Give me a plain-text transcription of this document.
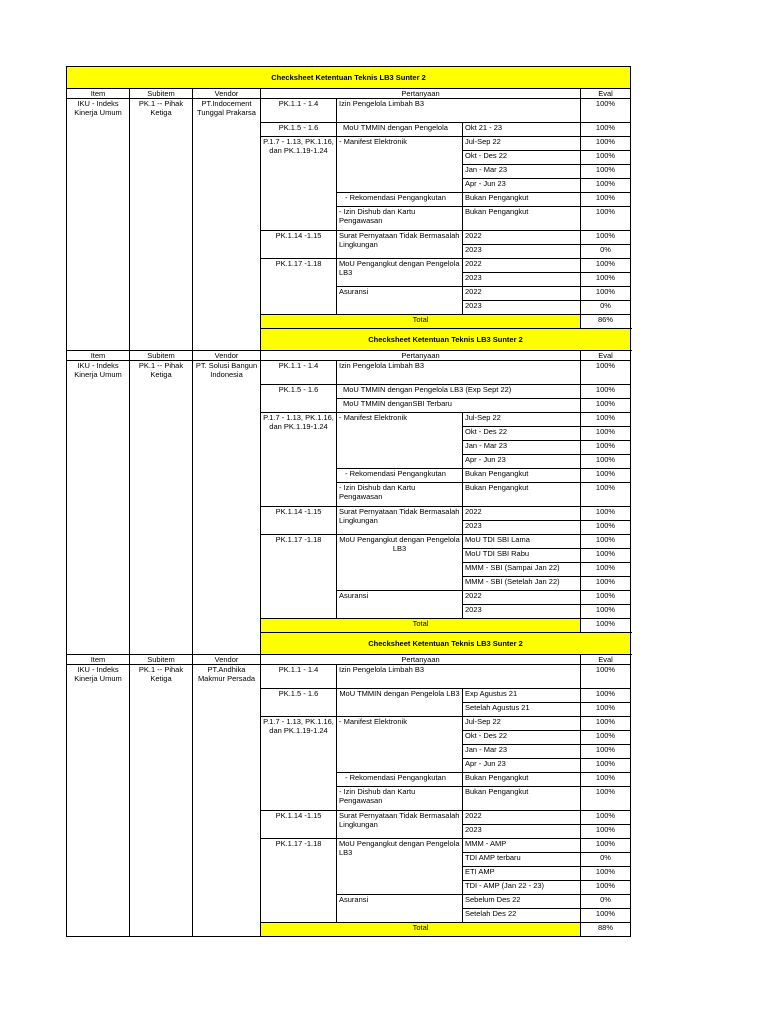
Checksheet Ketentuan Teknis LB3 Sunter 2						
Item	Subitem	Vendor	Pertanyaan			Eval
IKU - Indeks Kinerja Umum	PK.1 -- Pihak Ketiga	PT.Indocement Tunggal Prakarsa	PK.1.1 - 1.4	Izin Pengelola Limbah B3		100%
			PK.1.5 - 1.6	MoU TMMIN dengan Pengelola	Okt 21 - 23	100%
			P.1.7 - 1.13, PK.1.16, dan PK.1.19-1.24	- Manifest Elektronik	Jul-Sep 22	100%
					Okt - Des 22	100%
					Jan - Mar 23	100%
					Apr - Jun 23	100%
				- Rekomendasi Pengangkutan	Bukan Pengangkut	100%
				- Izin Dishub dan Kartu Pengawasan	Bukan Pengangkut	100%
			PK.1.14 -1.15	Surat Pernyataan Tidak Bermasalah Lingkungan	2022	100%
					2023	0%
			PK.1.17 -1.18	MoU Pengangkut dengan Pengelola LB3	2022	100%
					2023	100%
				Asuransi	2022	100%
					2023	0%
			Total			86%
			Checksheet Ketentuan Teknis LB3 Sunter 2			
Item	Subitem	Vendor	Pertanyaan			Eval
IKU - Indeks Kinerja Umum	PK.1 -- Pihak Ketiga	PT. Solusi Bangun Indonesia	PK.1.1 - 1.4	Izin Pengelola Limbah B3		100%
			PK.1.5 - 1.6	MoU TMMIN dengan Pengelola LB3 (Exp Sept 22)		100%
				MoU TMMIN denganSBI Terbaru		100%
			P.1.7 - 1.13, PK.1.16, dan PK.1.19-1.24	- Manifest Elektronik	Jul-Sep 22	100%
					Okt - Des 22	100%
					Jan - Mar 23	100%
					Apr - Jun 23	100%
				- Rekomendasi Pengangkutan	Bukan Pengangkut	100%
				- Izin Dishub dan Kartu Pengawasan	Bukan Pengangkut	100%
			PK.1.14 -1.15	Surat Pernyataan Tidak Bermasalah Lingkungan	2022	100%
					2023	100%
			PK.1.17 -1.18	MoU Pengangkut dengan Pengelola LB3	MoU TDI SBI Lama	100%
					MoU TDI SBI Rabu	100%
					MMM - SBI (Sampai Jan 22)	100%
					MMM - SBI (Setelah Jan 22)	100%
				Asuransi	2022	100%
					2023	100%
			Total			100%
			Checksheet Ketentuan Teknis LB3 Sunter 2			
Item	Subitem	Vendor	Pertanyaan			Eval
IKU - Indeks Kinerja Umum	PK.1 -- Pihak Ketiga	PT.Andhika Makmur Persada	PK.1.1 - 1.4	Izin Pengelola Limbah B3		100%
			PK.1.5 - 1.6	MoU TMMIN dengan Pengelola LB3	Exp Agustus 21	100%
					Setelah Agustus 21	100%
			P.1.7 - 1.13, PK.1.16, dan PK.1.19-1.24	- Manifest Elektronik	Jul-Sep 22	100%
					Okt - Des 22	100%
					Jan - Mar 23	100%
					Apr - Jun 23	100%
				- Rekomendasi Pengangkutan	Bukan Pengangkut	100%
				- Izin Dishub dan Kartu Pengawasan	Bukan Pengangkut	100%
			PK.1.14 -1.15	Surat Pernyataan Tidak Bermasalah Lingkungan	2022	100%
					2023	100%
			PK.1.17 -1.18	MoU Pengangkut dengan Pengelola LB3	MMM - AMP	100%
					TDI AMP terbaru	0%
					ETI AMP	100%
					TDI - AMP (Jan 22 - 23)	100%
				Asuransi	Sebelum Des 22	0%
					Setelah Des 22	100%
			Total			88%
